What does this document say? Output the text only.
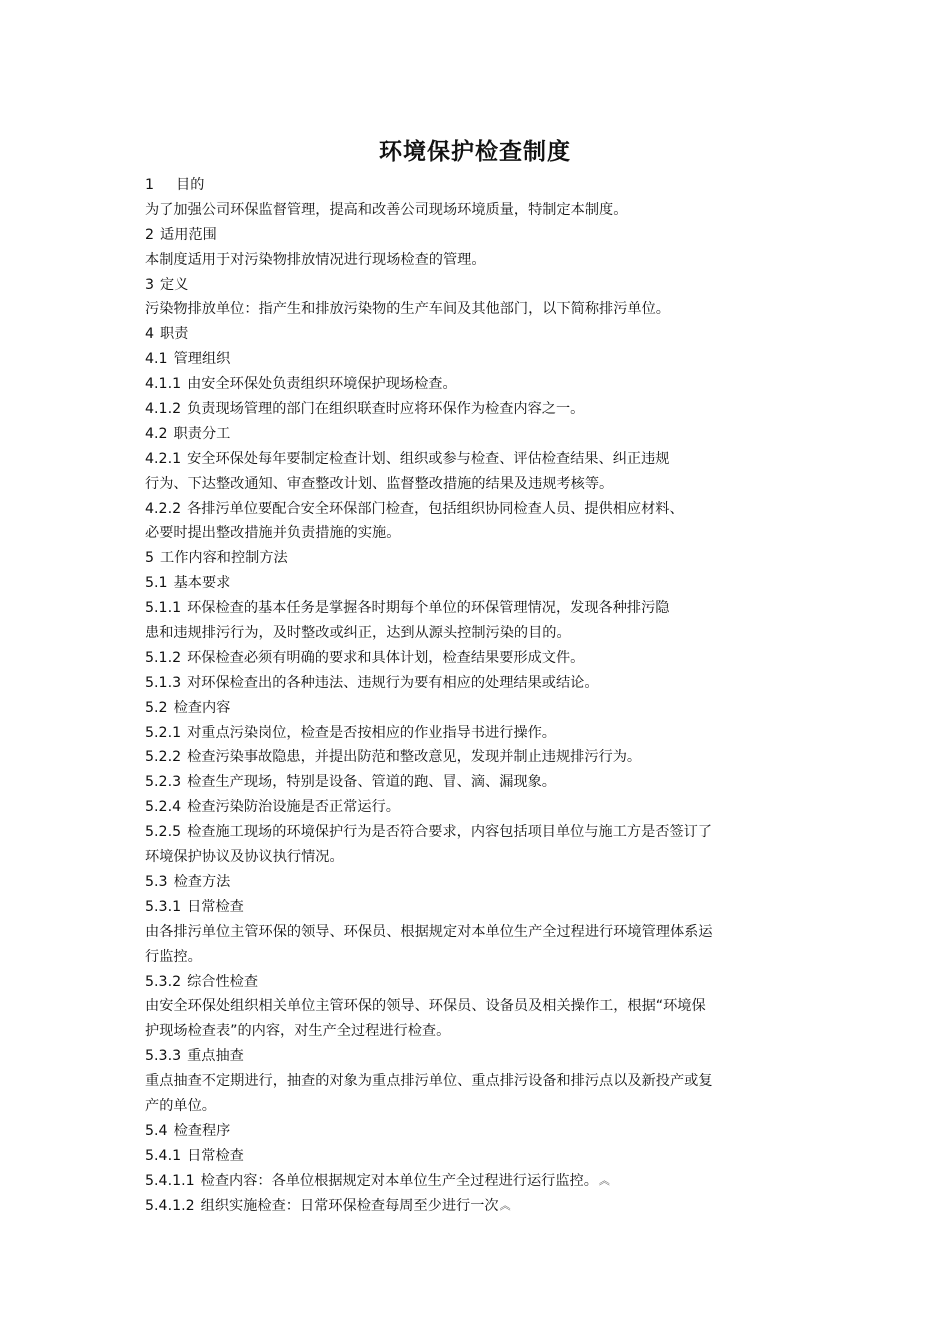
环境保护检查制度
1 目的
为了加强公司环保监督管理，提高和改善公司现场环境质量，特制定本制度。
2 适用范围
本制度适用于对污染物排放情况进行现场检查的管理。
3 定义
污染物排放单位：指产生和排放污染物的生产车间及其他部门，以下简称排污单位。
4 职责
4.1 管理组织
4.1.1 由安全环保处负责组织环境保护现场检查。
4.1.2 负责现场管理的部门在组织联查时应将环保作为检查内容之一。
4.2 职责分工
4.2.1 安全环保处每年要制定检查计划、组织或参与检查、评估检查结果、纠正违规
行为、下达整改通知、审查整改计划、监督整改措施的结果及违规考核等。
4.2.2 各排污单位要配合安全环保部门检查，包括组织协同检查人员、提供相应材料、
必要时提出整改措施并负责措施的实施。
5 工作内容和控制方法
5.1 基本要求
5.1.1 环保检查的基本任务是掌握各时期每个单位的环保管理情况，发现各种排污隐
患和违规排污行为，及时整改或纠正，达到从源头控制污染的目的。
5.1.2 环保检查必须有明确的要求和具体计划，检查结果要形成文件。
5.1.3 对环保检查出的各种违法、违规行为要有相应的处理结果或结论。
5.2 检查内容
5.2.1 对重点污染岗位，检查是否按相应的作业指导书进行操作。
5.2.2 检查污染事故隐患，并提出防范和整改意见，发现并制止违规排污行为。
5.2.3 检查生产现场，特别是设备、管道的跑、冒、滴、漏现象。
5.2.4 检查污染防治设施是否正常运行。
5.2.5 检查施工现场的环境保护行为是否符合要求，内容包括项目单位与施工方是否签订了
环境保护协议及协议执行情况。
5.3 检查方法
5.3.1 日常检查
由各排污单位主管环保的领导、环保员、根据规定对本单位生产全过程进行环境管理体系运
行监控。
5.3.2 综合性检查
由安全环保处组织相关单位主管环保的领导、环保员、设备员及相关操作工，根据“环境保
护现场检查表”的内容，对生产全过程进行检查。
5.3.3 重点抽查
重点抽查不定期进行，抽查的对象为重点排污单位、重点排污设备和排污点以及新投产或复
产的单位。
5.4 检查程序
5.4.1 日常检查
5.4.1.1 检查内容：各单位根据规定对本单位生产全过程进行运行监控。︽
5.4.1.2 组织实施检查：日常环保检查每周至少进行一次︽
